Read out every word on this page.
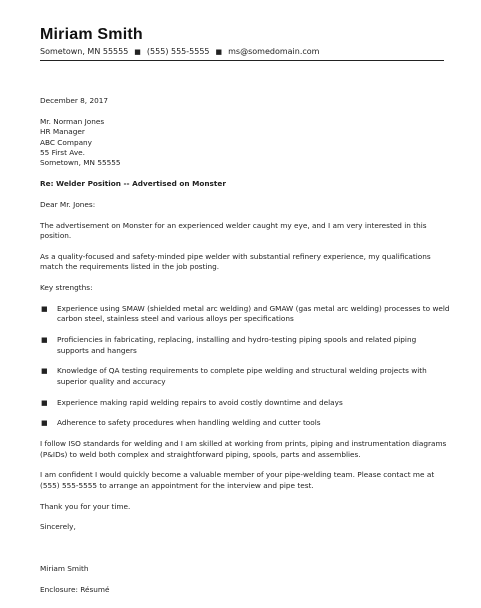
Miriam Smith
Sometown, MN 55555 ■ (555) 555-5555 ■ ms@somedomain.com

December 8, 2017

Mr. Norman Jones

HR Manager

ABC Company

55 First Ave.

Sometown, MN 55555

Re: Welder Position -- Advertised on Monster

Dear Mr. Jones:

The advertisement on Monster for an experienced welder caught my eye, and I am very interested in this position.

As a quality-focused and safety-minded pipe welder with substantial refinery experience, my qualifications match the requirements listed in the job posting.

Key strengths:

■ Experience using SMAW (shielded metal arc welding) and GMAW (gas metal arc welding) processes to weld carbon steel, stainless steel and various alloys per specifications
■ Proficiencies in fabricating, replacing, installing and hydro-testing piping spools and related piping supports and hangers
■ Knowledge of QA testing requirements to complete pipe welding and structural welding projects with superior quality and accuracy
■ Experience making rapid welding repairs to avoid costly downtime and delays
■ Adherence to safety procedures when handling welding and cutter tools

I follow ISO standards for welding and I am skilled at working from prints, piping and instrumentation diagrams (P&IDs) to weld both complex and straightforward piping, spools, parts and assemblies.

I am confident I would quickly become a valuable member of your pipe-welding team. Please contact me at (555) 555-5555 to arrange an appointment for the interview and pipe test.

Thank you for your time.

Sincerely,

Miriam Smith

Enclosure: Résumé
